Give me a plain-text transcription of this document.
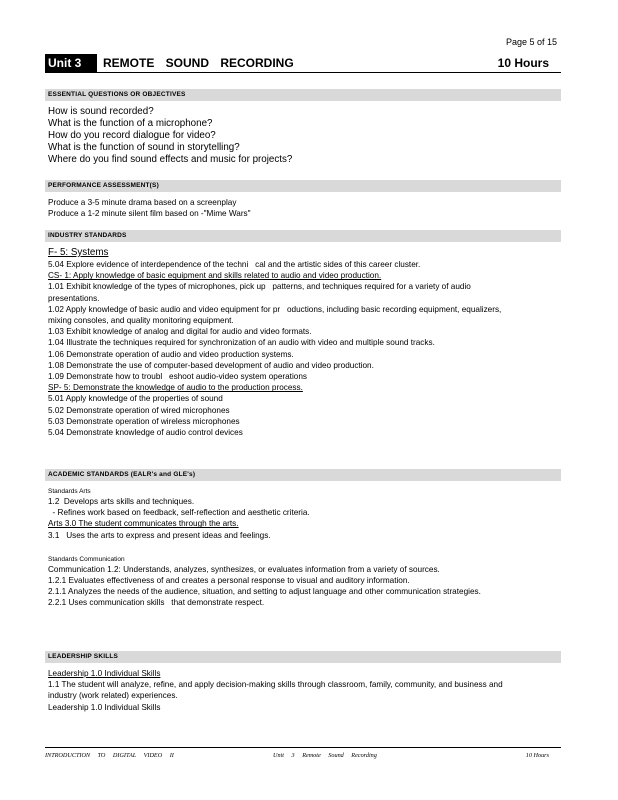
Page 5 of 15
Unit 3	REMOTE SOUND RECORDING	10 Hours
ESSENTIAL QUESTIONS OR OBJECTIVES
How is sound recorded?
What is the function of a microphone?
How do you record dialogue for video?
What is the function of sound in storytelling?
Where do you find sound effects and music for projects?
PERFORMANCE ASSESSMENT(S)
Produce a 3-5 minute drama based on a screenplay
Produce a 1-2 minute silent film based on -"Mime Wars"
INDUSTRY STANDARDS
F- 5: Systems
5.04 Explore evidence of interdependence of the techni   cal and the artistic sides of this career cluster.
CS- 1: Apply knowledge of basic equipment and skills related to audio and video production.
1.01 Exhibit knowledge of the types of microphones, pick up   patterns, and techniques required for a variety of audio
presentations.
1.02 Apply knowledge of basic audio and video equipment for pr   oductions, including basic recording equipment, equalizers,
mixing consoles, and quality monitoring equipment.
1.03 Exhibit knowledge of analog and digital for audio and video formats.
1.04 Illustrate the techniques required for synchronization of an audio with video and multiple sound tracks.
1.06 Demonstrate operation of audio and video production systems.
1.08 Demonstrate the use of computer-based development of audio and video production.
1.09 Demonstrate how to troubl   eshoot audio-video system operations
SP- 5: Demonstrate the knowledge of audio to the production process.
5.01 Apply knowledge of the properties of sound
5.02 Demonstrate operation of wired microphones
5.03 Demonstrate operation of wireless microphones
5.04 Demonstrate knowledge of audio control devices
ACADEMIC STANDARDS (EALR's and GLE's)
Standards Arts
1.2  Develops arts skills and techniques.
- Refines work based on feedback, self-reflection and aesthetic criteria.
Arts 3.0 The student communicates through the arts.
3.1   Uses the arts to express and present ideas and feelings.
Standards Communication
Communication 1.2: Understands, analyzes, synthesizes, or evaluates information from a variety of sources.
1.2.1 Evaluates effectiveness of and creates a personal response to visual and auditory information.
2.1.1 Analyzes the needs of the audience, situation, and setting to adjust language and other communication strategies.
2.2.1 Uses communication skills   that demonstrate respect.
LEADERSHIP SKILLS
Leadership 1.0 Individual Skills
1.1 The student will analyze, refine, and apply decision-making skills through classroom, family, community, and business and
industry (work related) experiences.
Leadership 1.0 Individual Skills
INTRODUCTION TO DIGITAL VIDEO II	Unit 3 Remote Sound Recording	10 Hours
